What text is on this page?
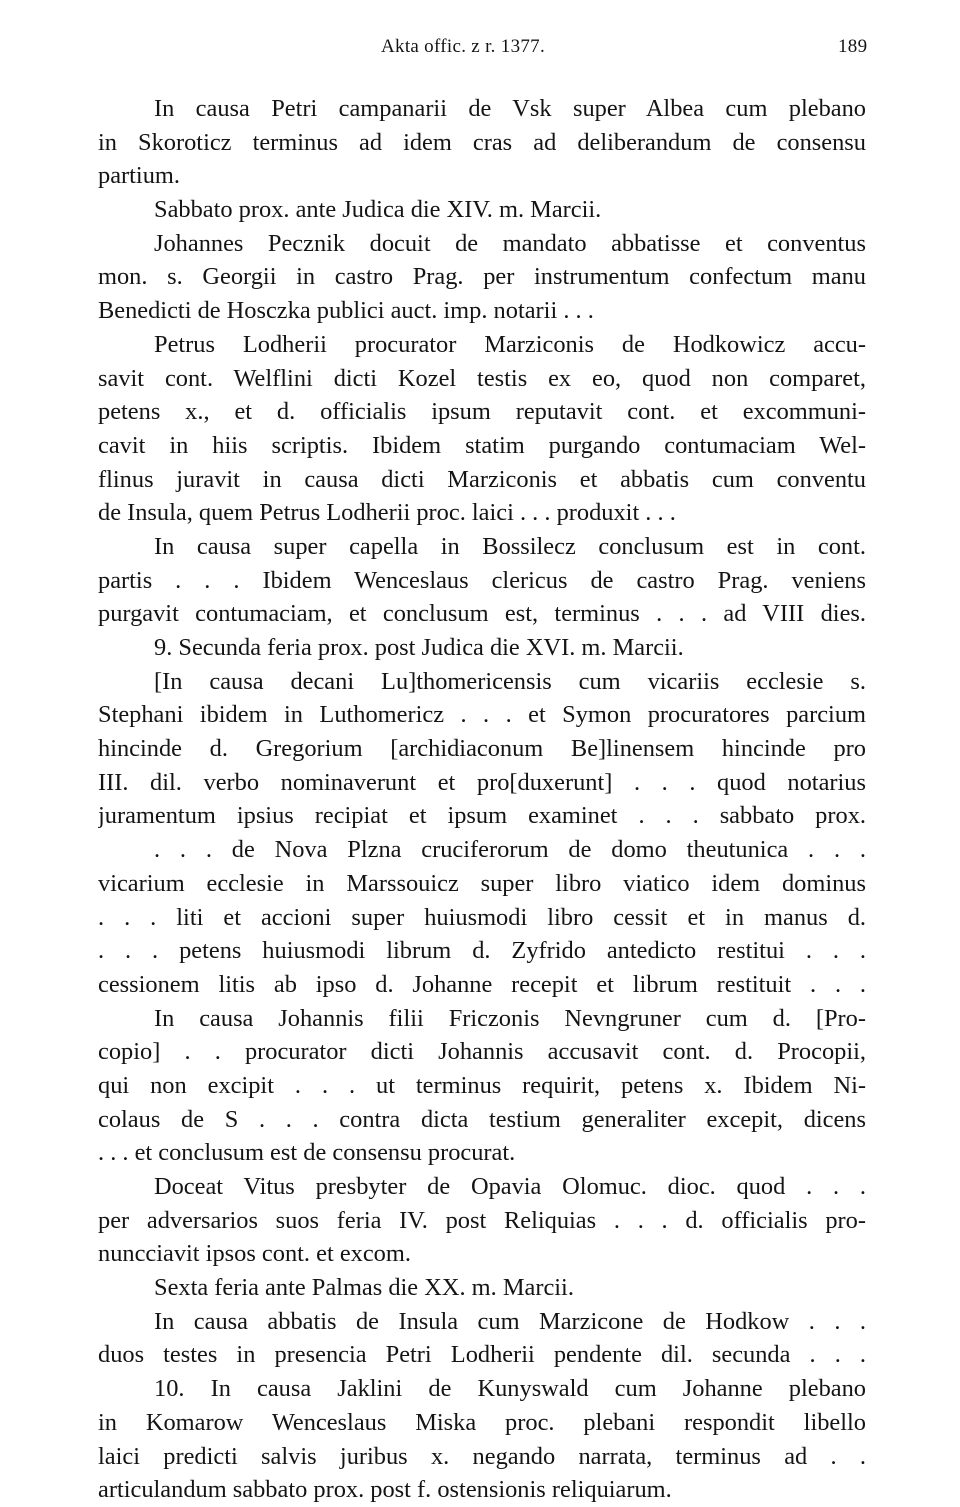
Akta offic. z r. 1377.	189
In causa Petri campanarii de Vsk super Albea cum plebano
in Skoroticz terminus ad idem cras ad deliberandum de consensu
partium.
Sabbato prox. ante Judica die XIV. m. Marcii.
Johannes Pecznik docuit de mandato abbatisse et conventus
mon. s. Georgii in castro Prag. per instrumentum confectum manu
Benedicti de Hosczka publici auct. imp. notarii . . .
Petrus Lodherii procurator Marziconis de Hodkowicz accu-
savit cont. Welflini dicti Kozel testis ex eo, quod non comparet,
petens x., et d. officialis ipsum reputavit cont. et excommuni-
cavit in hiis scriptis. Ibidem statim purgando contumaciam Wel-
flinus juravit in causa dicti Marziconis et abbatis cum conventu
de Insula, quem Petrus Lodherii proc. laici . . . produxit . . .
In causa super capella in Bossilecz conclusum est in cont.
partis . . . Ibidem Wenceslaus clericus de castro Prag. veniens
purgavit contumaciam, et conclusum est, terminus . . . ad VIII dies.
9. Secunda feria prox. post Judica die XVI. m. Marcii.
[In causa decani Lu]thomericensis cum vicariis ecclesie s.
Stephani ibidem in Luthomericz . . . et Symon procuratores parcium
hincinde d. Gregorium [archidiaconum Be]linensem hincinde pro
III. dil. verbo nominaverunt et pro[duxerunt] . . . quod notarius
juramentum ipsius recipiat et ipsum examinet . . . sabbato prox.
. . . de Nova Plzna cruciferorum de domo theutunica . . .
vicarium ecclesie in Marssouicz super libro viatico idem dominus
. . . liti et accioni super huiusmodi libro cessit et in manus d.
. . . petens huiusmodi librum d. Zyfrido antedicto restitui . . .
cessionem litis ab ipso d. Johanne recepit et librum restituit . . .
In causa Johannis filii Friczonis Nevngruner cum d. [Pro-
copio] . . procurator dicti Johannis accusavit cont. d. Procopii,
qui non excipit . . . ut terminus requirit, petens x. Ibidem Ni-
colaus de S . . . contra dicta testium generaliter excepit, dicens
. . . et conclusum est de consensu procurat.
Doceat Vitus presbyter de Opavia Olomuc. dioc. quod . . .
per adversarios suos feria IV. post Reliquias . . . d. officialis pro-
nuncciavit ipsos cont. et excom.
Sexta feria ante Palmas die XX. m. Marcii.
In causa abbatis de Insula cum Marzicone de Hodkow . . .
duos testes in presencia Petri Lodherii pendente dil. secunda . . .
10. In causa Jaklini de Kunyswald cum Johanne plebano
in Komarow Wenceslaus Miska proc. plebani respondit libello
laici predicti salvis juribus x. negando narrata, terminus ad . .
articulandum sabbato prox. post f. ostensionis reliquiarum.
